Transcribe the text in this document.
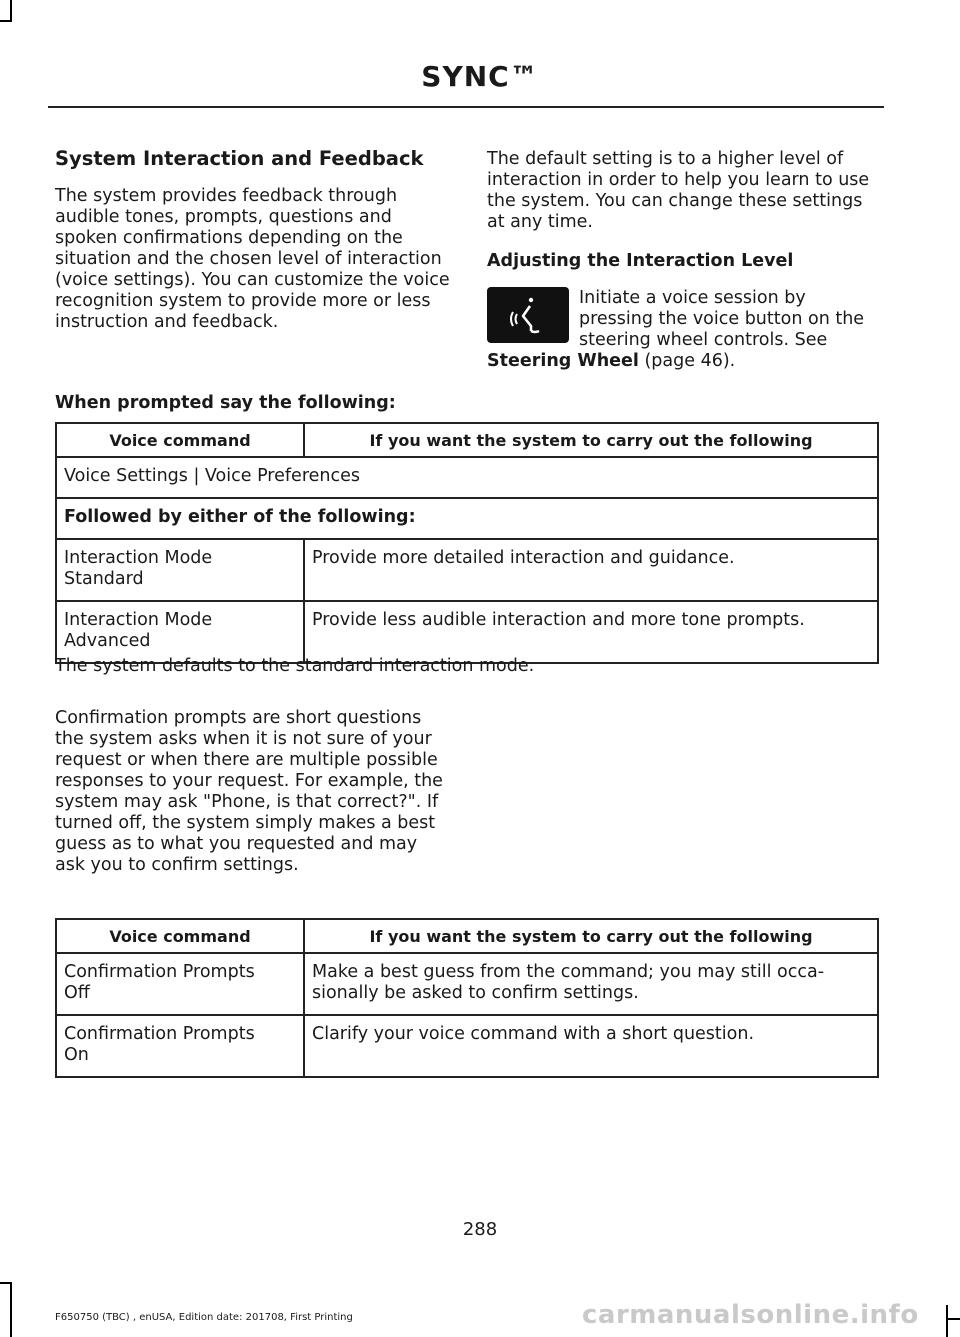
SYNC™
System Interaction and Feedback

The system provides feedback through audible tones, prompts, questions and spoken confirmations depending on the situation and the chosen level of interaction (voice settings). You can customize the voice recognition system to provide more or less instruction and feedback.

The default setting is to a higher level of interaction in order to help you learn to use the system. You can change these settings at any time.

Adjusting the Interaction Level

Initiate a voice session by pressing the voice button on the steering wheel controls. See

Steering Wheel (page 46).

When prompted say the following:
Voice command	If you want the system to carry out the following
Voice Settings | Voice Preferences	
Followed by either of the following:	
Interaction Mode
Standard	Provide more detailed interaction and guidance.
Interaction Mode
Advanced	Provide less audible interaction and more tone prompts.

The system defaults to the standard interaction mode.

Confirmation prompts are short questions the system asks when it is not sure of your request or when there are multiple possible responses to your request. For example, the system may ask "Phone, is that correct?". If turned off, the system simply makes a best guess as to what you requested and may ask you to confirm settings.

Voice command	If you want the system to carry out the following
Confirmation Prompts
Off	Make a best guess from the command; you may still occa-sionally be asked to confirm settings.
Confirmation Prompts
On	Clarify your voice command with a short question.
288
F650750 (TBC) , enUSA, Edition date: 201708, First Printing	carmanualsonline.info
